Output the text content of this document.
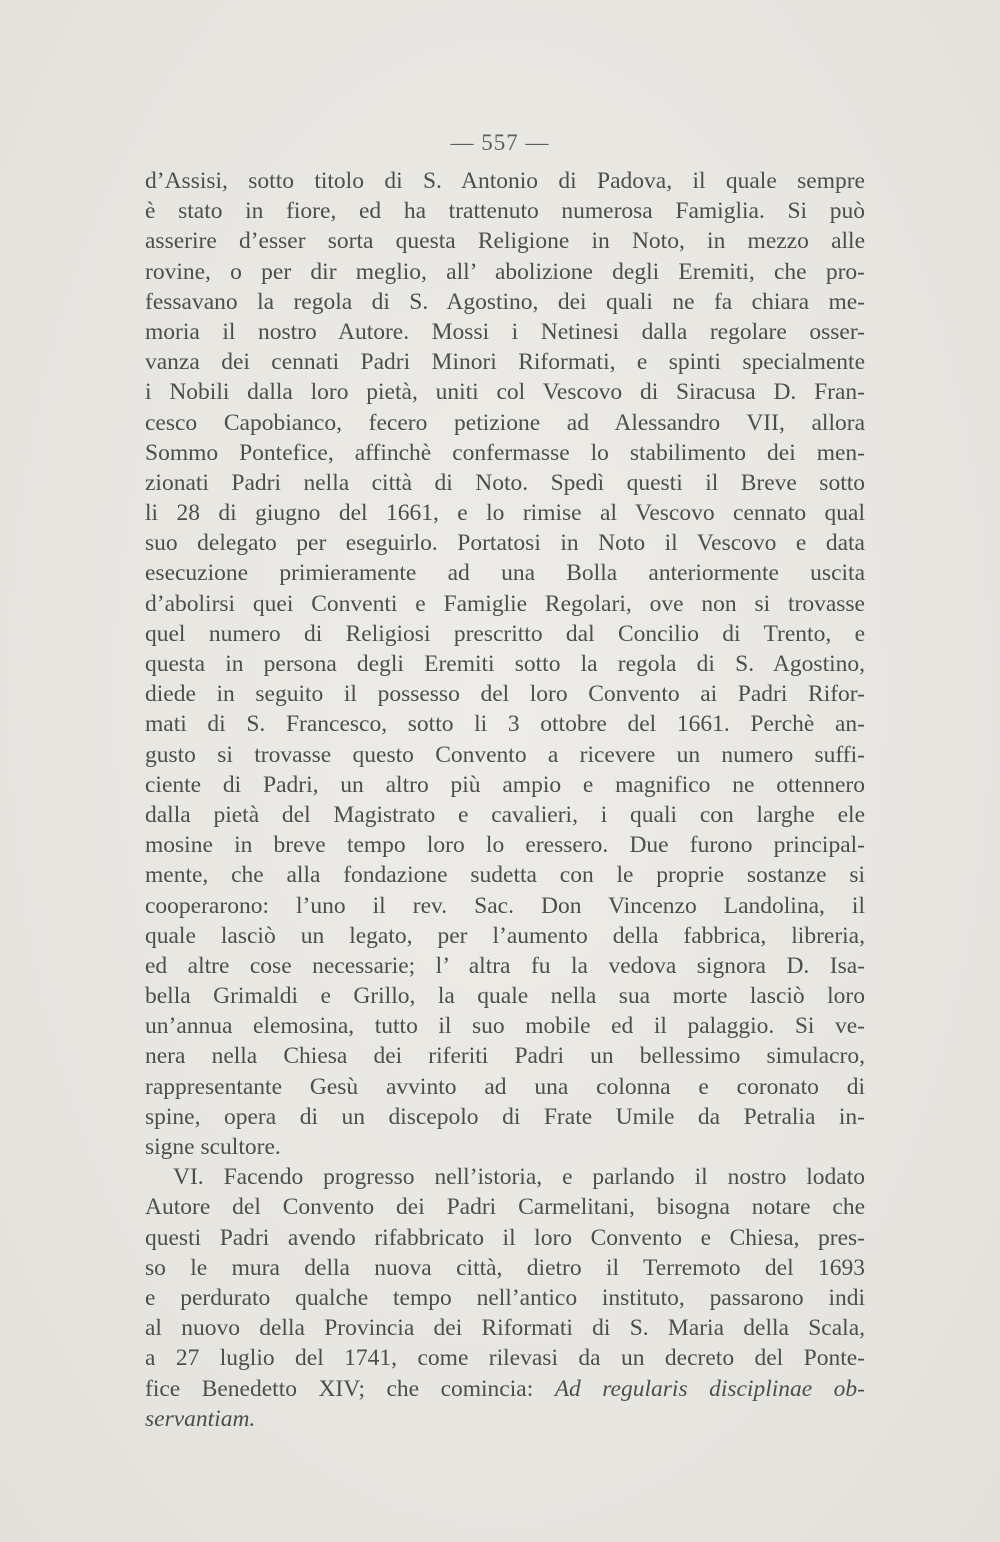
— 557 —
d’Assisi, sotto titolo di S. Antonio di Padova, il quale sempre
è stato in fiore, ed ha trattenuto numerosa Famiglia. Si può
asserire d’esser sorta questa Religione in Noto, in mezzo alle
rovine, o per dir meglio, all’ abolizione degli Eremiti, che pro-
fessavano la regola di S. Agostino, dei quali ne fa chiara me-
moria il nostro Autore. Mossi i Netinesi dalla regolare osser-
vanza dei cennati Padri Minori Riformati, e spinti specialmente
i Nobili dalla loro pietà, uniti col Vescovo di Siracusa D. Fran-
cesco Capobianco, fecero petizione ad Alessandro VII, allora
Sommo Pontefice, affinchè confermasse lo stabilimento dei men-
zionati Padri nella città di Noto. Spedì questi il Breve sotto
li 28 di giugno del 1661, e lo rimise al Vescovo cennato qual
suo delegato per eseguirlo. Portatosi in Noto il Vescovo e data
esecuzione primieramente ad una Bolla anteriormente uscita
d’abolirsi quei Conventi e Famiglie Regolari, ove non si trovasse
quel numero di Religiosi prescritto dal Concilio di Trento, e
questa in persona degli Eremiti sotto la regola di S. Agostino,
diede in seguito il possesso del loro Convento ai Padri Rifor-
mati di S. Francesco, sotto li 3 ottobre del 1661. Perchè an-
gusto si trovasse questo Convento a ricevere un numero suffi-
ciente di Padri, un altro più ampio e magnifico ne ottennero
dalla pietà del Magistrato e cavalieri, i quali con larghe ele
mosine in breve tempo loro lo eressero. Due furono principal-
mente, che alla fondazione sudetta con le proprie sostanze si
cooperarono: l’uno il rev. Sac. Don Vincenzo Landolina, il
quale lasciò un legato, per l’aumento della fabbrica, libreria,
ed altre cose necessarie; l’ altra fu la vedova signora D. Isa-
bella Grimaldi e Grillo, la quale nella sua morte lasciò loro
un’annua elemosina, tutto il suo mobile ed il palaggio. Si ve-
nera nella Chiesa dei riferiti Padri un bellessimo simulacro,
rappresentante Gesù avvinto ad una colonna e coronato di
spine, opera di un discepolo di Frate Umile da Petralia in-
signe scultore.
VI. Facendo progresso nell’istoria, e parlando il nostro lodato
Autore del Convento dei Padri Carmelitani, bisogna notare che
questi Padri avendo rifabbricato il loro Convento e Chiesa, pres-
so le mura della nuova città, dietro il Terremoto del 1693
e perdurato qualche tempo nell’antico instituto, passarono indi
al nuovo della Provincia dei Riformati di S. Maria della Scala,
a 27 luglio del 1741, come rilevasi da un decreto del Ponte-
fice Benedetto XIV; che comincia: Ad regularis disciplinae ob-
servantiam.
